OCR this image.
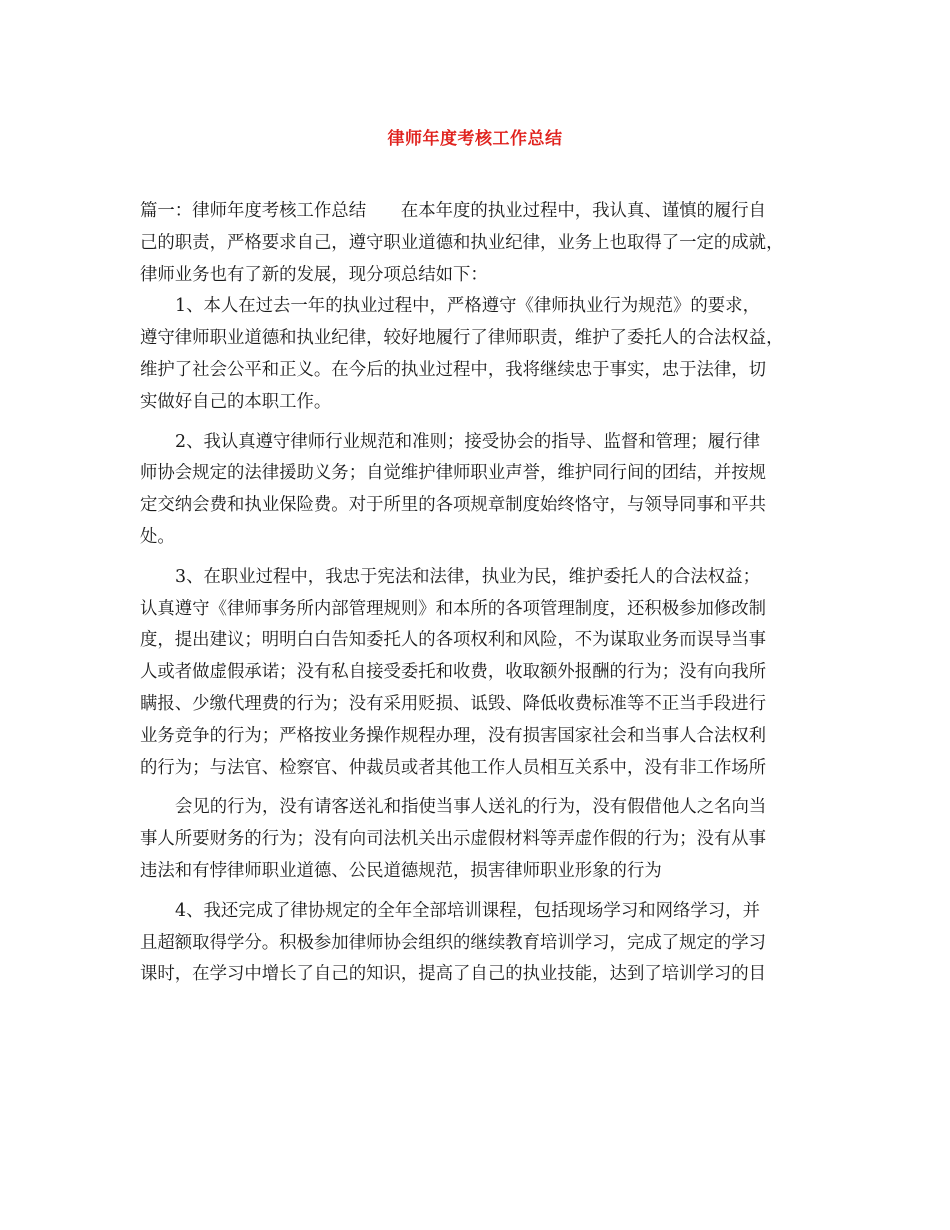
律师年度考核工作总结
篇一：律师年度考核工作总结　　在本年度的执业过程中，我认真、谨慎的履行自
己的职责，严格要求自己，遵守职业道德和执业纪律，业务上也取得了一定的成就，
律师业务也有了新的发展，现分项总结如下：
1、本人在过去一年的执业过程中，严格遵守《律师执业行为规范》的要求，
遵守律师职业道德和执业纪律，较好地履行了律师职责，维护了委托人的合法权益，
维护了社会公平和正义。在今后的执业过程中，我将继续忠于事实，忠于法律，切
实做好自己的本职工作。
2、我认真遵守律师行业规范和准则；接受协会的指导、监督和管理；履行律
师协会规定的法律援助义务；自觉维护律师职业声誉，维护同行间的团结，并按规
定交纳会费和执业保险费。对于所里的各项规章制度始终恪守，与领导同事和平共
处。
3、在职业过程中，我忠于宪法和法律，执业为民，维护委托人的合法权益；
认真遵守《律师事务所内部管理规则》和本所的各项管理制度，还积极参加修改制
度，提出建议；明明白白告知委托人的各项权利和风险，不为谋取业务而误导当事
人或者做虚假承诺；没有私自接受委托和收费，收取额外报酬的行为；没有向我所
瞒报、少缴代理费的行为；没有采用贬损、诋毁、降低收费标准等不正当手段进行
业务竞争的行为；严格按业务操作规程办理，没有损害国家社会和当事人合法权利
的行为；与法官、检察官、仲裁员或者其他工作人员相互关系中，没有非工作场所
会见的行为，没有请客送礼和指使当事人送礼的行为，没有假借他人之名向当
事人所要财务的行为；没有向司法机关出示虚假材料等弄虚作假的行为；没有从事
违法和有悖律师职业道德、公民道德规范，损害律师职业形象的行为
4、我还完成了律协规定的全年全部培训课程，包括现场学习和网络学习，并
且超额取得学分。积极参加律师协会组织的继续教育培训学习，完成了规定的学习
课时，在学习中增长了自己的知识，提高了自己的执业技能，达到了培训学习的目
